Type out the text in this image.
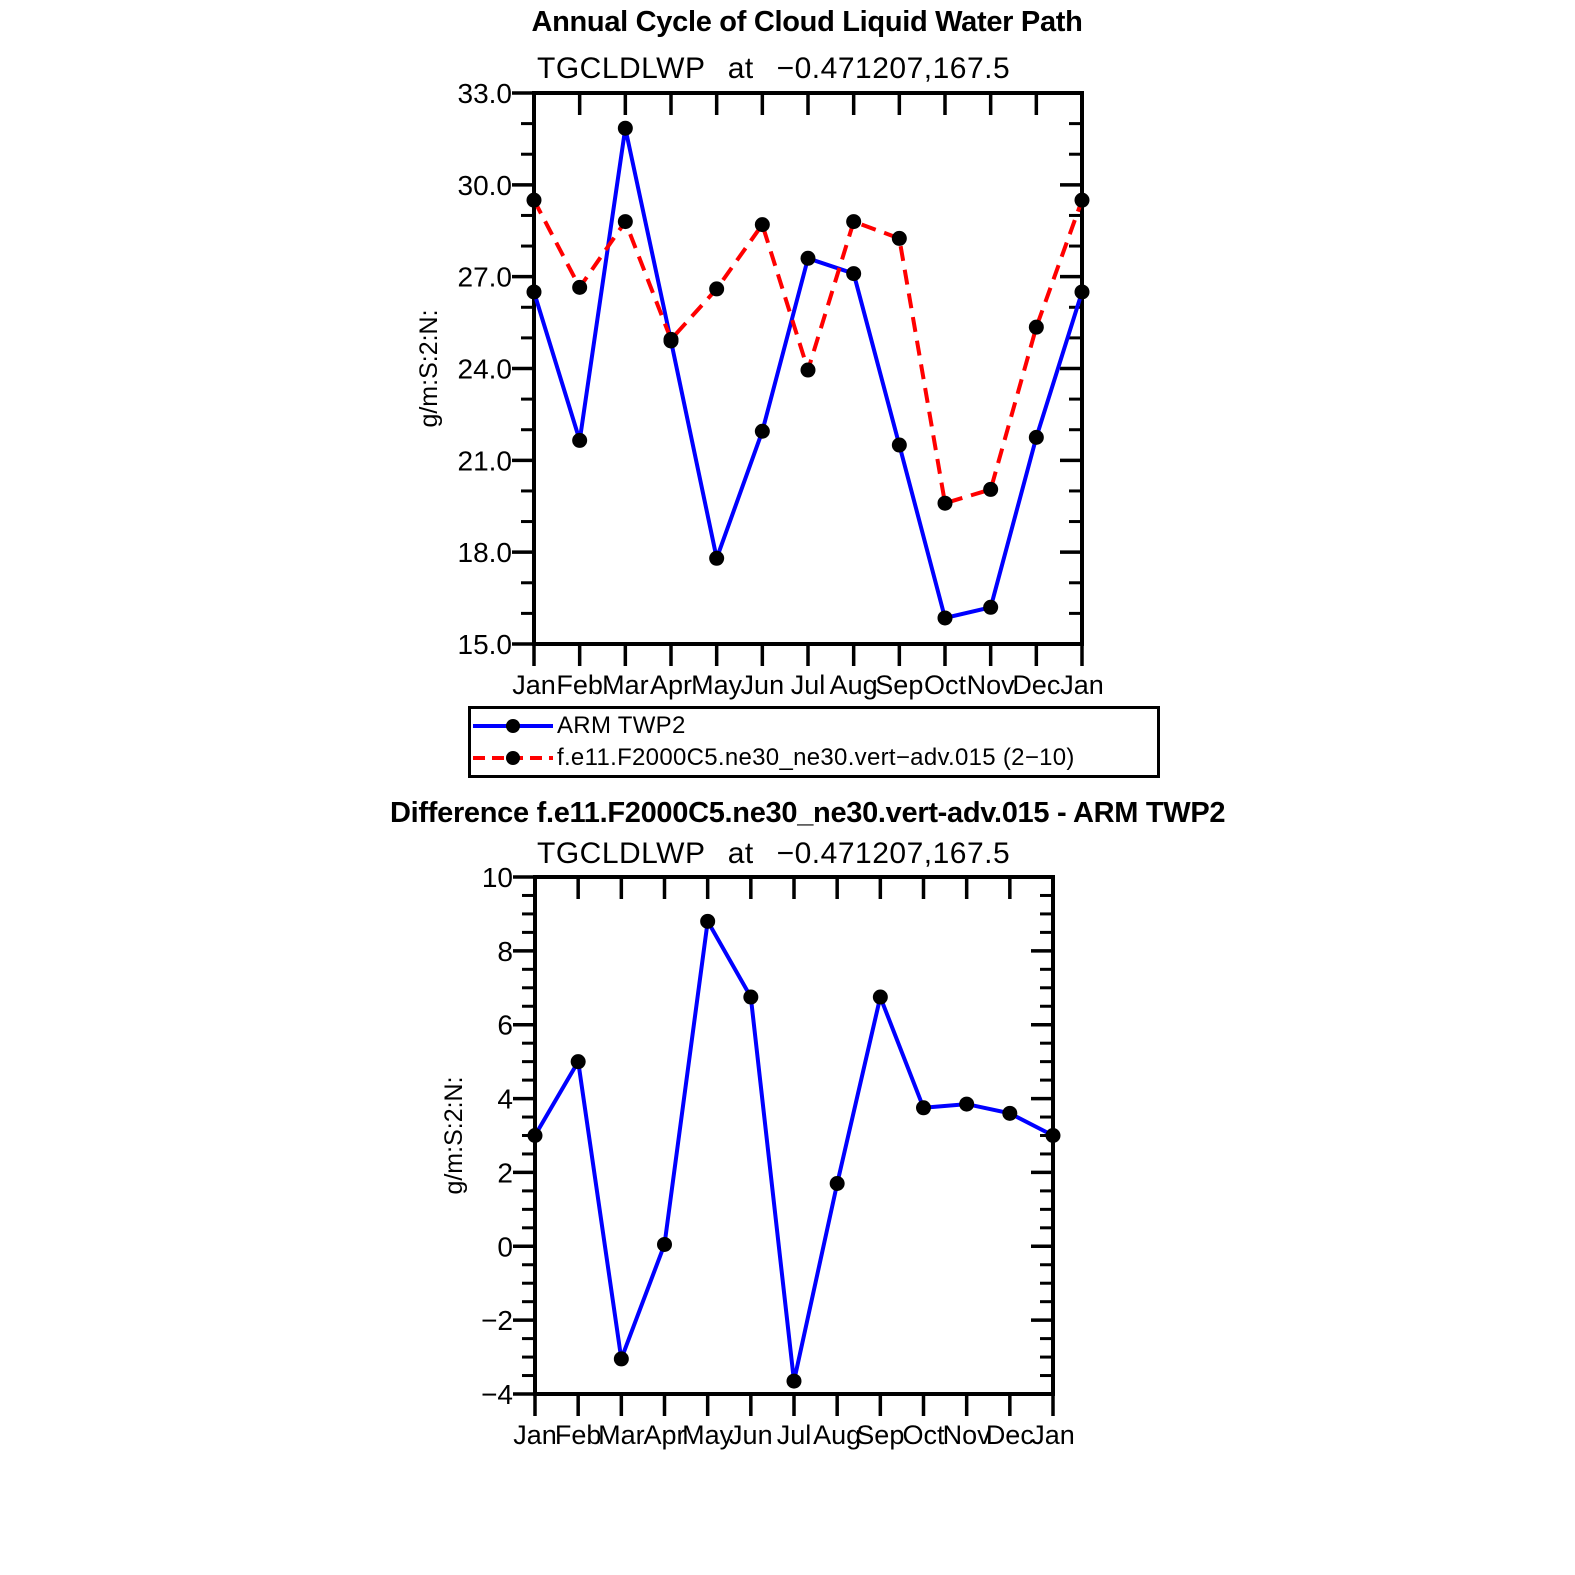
Annual Cycle of Cloud Liquid Water Path
TGCLDLWP at −0.471207,167.5
Jan Feb Mar Apr May
Jun Jul Aug
Sep Oct Nov
Dec Jan
15.0
18.0
21.0
24.0
27.0
30.0
33.0
g/m:S:2:N:
ARM TWP2
f.e11.F2000C5.ne30_ne30.vert−adv.015 (2−10)
Difference f.e11.F2000C5.ne30_ne30.vert-adv.015 - ARM TWP2
TGCLDLWP at −0.471207,167.5
Jan
Feb
Mar
Apr
May
Jun Jul Aug
Sep
Oct
Nov
Dec
Jan
−4
−2
0
2
4
6
8
10
g/m:S:2:N:
